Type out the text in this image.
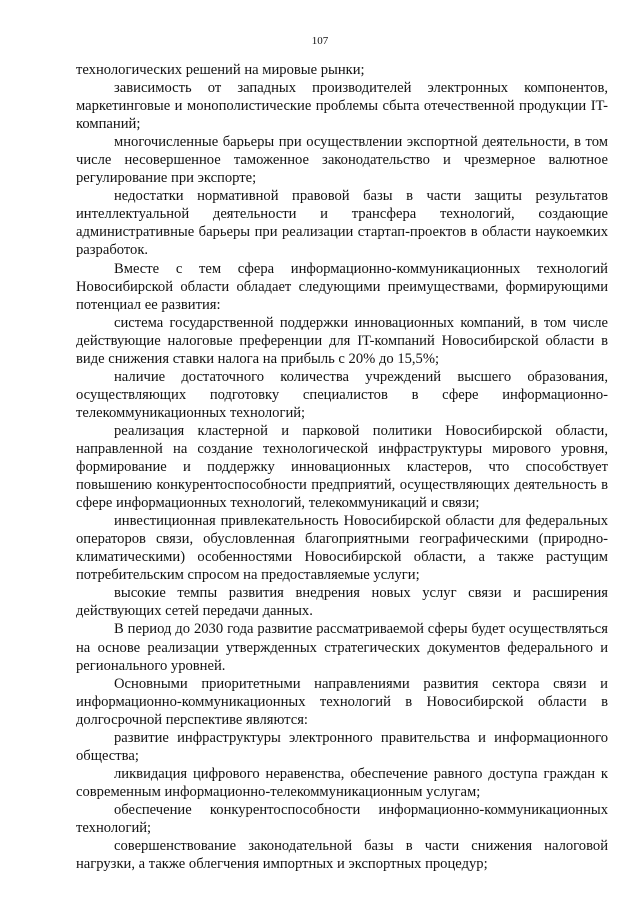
107

технологических решений на мировые рынки;

зависимость от западных производителей электронных компонентов, маркетинговые и монополистические проблемы сбыта отечественной продукции IT-компаний;

многочисленные барьеры при осуществлении экспортной деятельности, в том числе несовершенное таможенное законодательство и чрезмерное валютное регулирование при экспорте;

недостатки нормативной правовой базы в части защиты результатов интеллектуальной деятельности и трансфера технологий, создающие административные барьеры при реализации стартап-проектов в области наукоемких разработок.

Вместе с тем сфера информационно-коммуникационных технологий Новосибирской области обладает следующими преимуществами, формирующими потенциал ее развития:

система государственной поддержки инновационных компаний, в том числе действующие налоговые преференции для IT-компаний Новосибирской области в виде снижения ставки налога на прибыль с 20% до 15,5%;

наличие достаточного количества учреждений высшего образования, осуществляющих подготовку специалистов в сфере информационно-телекоммуникационных технологий;

реализация кластерной и парковой политики Новосибирской области, направленной на создание технологической инфраструктуры мирового уровня, формирование и поддержку инновационных кластеров, что способствует повышению конкурентоспособности предприятий, осуществляющих деятельность в сфере информационных технологий, телекоммуникаций и связи;

инвестиционная привлекательность Новосибирской области для федеральных операторов связи, обусловленная благоприятными географическими (природно-климатическими) особенностями Новосибирской области, а также растущим потребительским спросом на предоставляемые услуги;

высокие темпы развития внедрения новых услуг связи и расширения действующих сетей передачи данных.

В период до 2030 года развитие рассматриваемой сферы будет осуществляться на основе реализации утвержденных стратегических документов федерального и регионального уровней.

Основными приоритетными направлениями развития сектора связи и информационно-коммуникационных технологий в Новосибирской области в долгосрочной перспективе являются:

развитие инфраструктуры электронного правительства и информационного общества;

ликвидация цифрового неравенства, обеспечение равного доступа граждан к современным информационно-телекоммуникационным услугам;

обеспечение конкурентоспособности информационно-коммуникационных технологий;

совершенствование законодательной базы в части снижения налоговой нагрузки, а также облегчения импортных и экспортных процедур;
